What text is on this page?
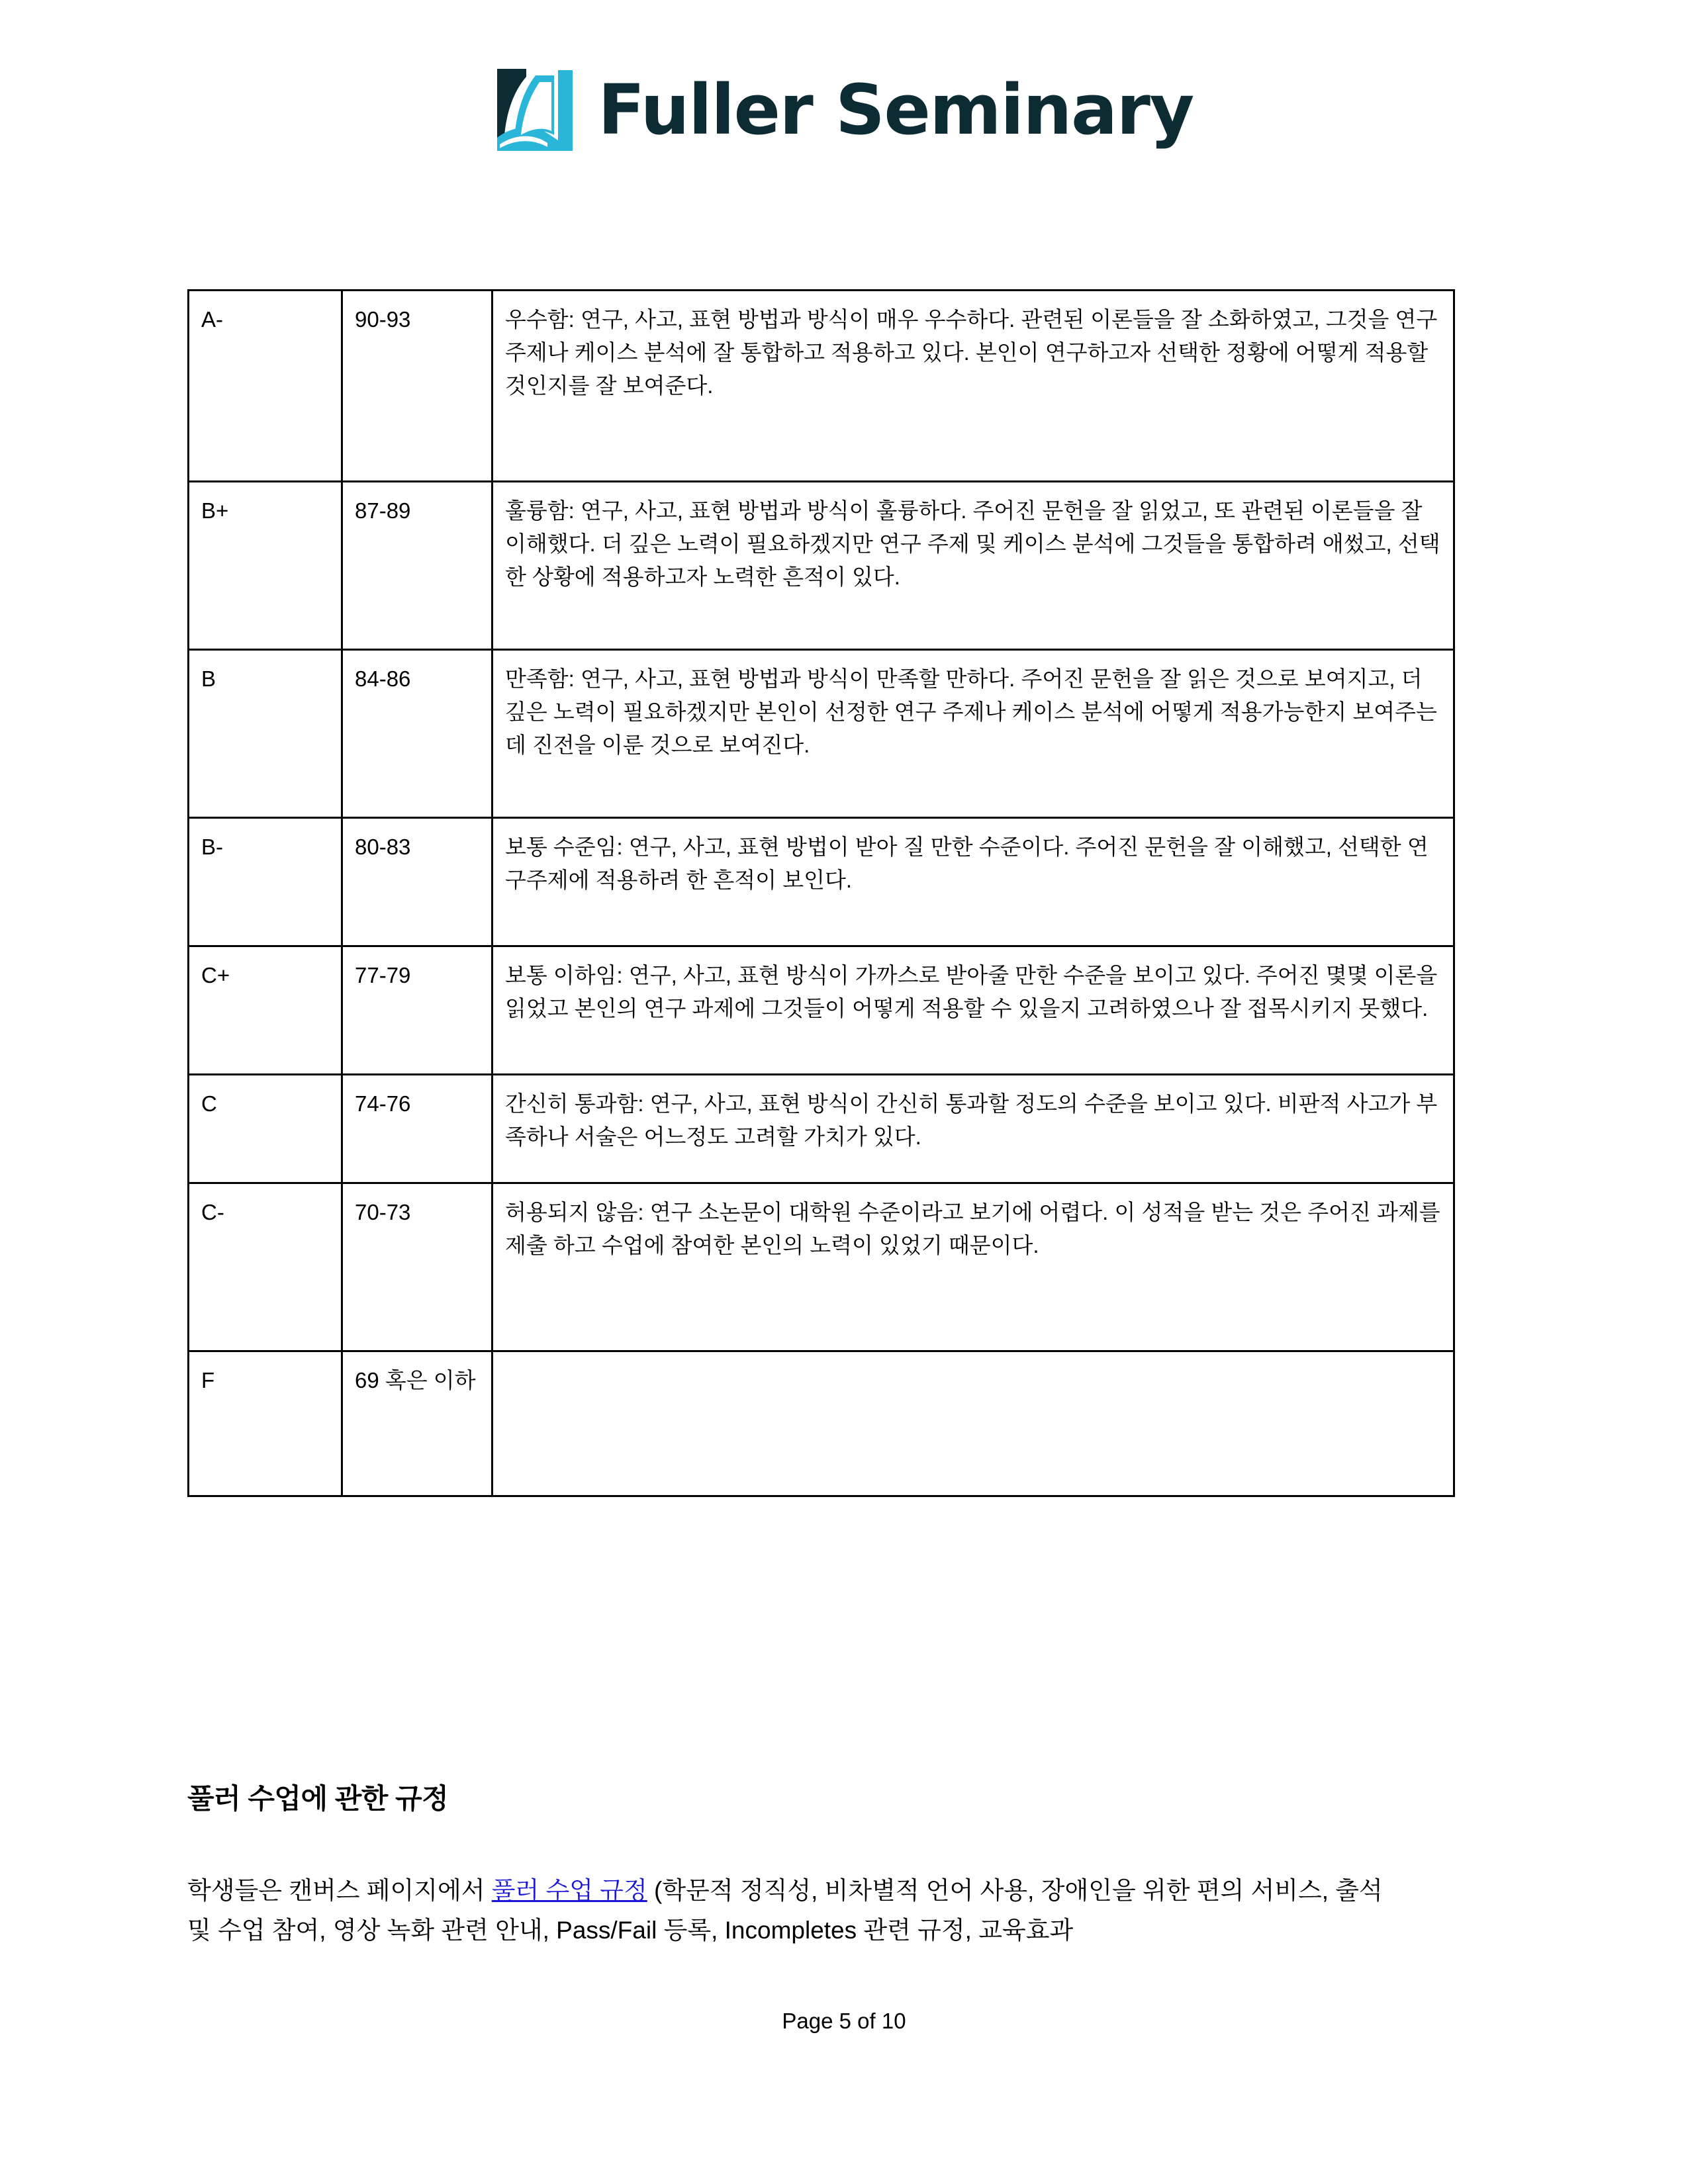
Fuller Seminary
A-	90-93	우수함: 연구, 사고, 표현 방법과 방식이 매우 우수하다. 관련된 이론들을 잘 소화하였고, 그것을 연구 주제나 케이스 분석에 잘 통합하고 적용하고 있다. 본인이 연구하고자 선택한 정황에 어떻게 적용할 것인지를 잘 보여준다.
B+	87-89	훌륭함: 연구, 사고, 표현 방법과 방식이 훌륭하다. 주어진 문헌을 잘 읽었고, 또 관련된 이론들을 잘 이해했다. 더 깊은 노력이 필요하겠지만 연구 주제 및 케이스 분석에 그것들을 통합하려 애썼고, 선택한 상황에 적용하고자 노력한 흔적이 있다.
B	84-86	만족함: 연구, 사고, 표현 방법과 방식이 만족할 만하다. 주어진 문헌을 잘 읽은 것으로 보여지고, 더 깊은 노력이 필요하겠지만 본인이 선정한 연구 주제나 케이스 분석에 어떻게 적용가능한지 보여주는데 진전을 이룬 것으로 보여진다.
B-	80-83	보통 수준임: 연구, 사고, 표현 방법이 받아 질 만한 수준이다. 주어진 문헌을 잘 이해했고, 선택한 연구주제에 적용하려 한 흔적이 보인다.
C+	77-79	보통 이하임: 연구, 사고, 표현 방식이 가까스로 받아줄 만한 수준을 보이고 있다. 주어진 몇몇 이론을 읽었고 본인의 연구 과제에 그것들이 어떻게 적용할 수 있을지 고려하였으나 잘 접목시키지 못했다.
C	74-76	간신히 통과함: 연구, 사고, 표현 방식이 간신히 통과할 정도의 수준을 보이고 있다. 비판적 사고가 부족하나 서술은 어느정도 고려할 가치가 있다.
C-	70-73	허용되지 않음: 연구 소논문이 대학원 수준이라고 보기에 어렵다. 이 성적을 받는 것은 주어진 과제를 제출 하고 수업에 참여한 본인의 노력이 있었기 때문이다.
F	69 혹은 이하	
풀러 수업에 관한 규정

학생들은 캔버스 페이지에서 풀러 수업 규정 (학문적 정직성, 비차별적 언어 사용, 장애인을 위한 편의 서비스, 출석 및 수업 참여, 영상 녹화 관련 안내, Pass/Fail 등록, Incompletes 관련 규정, 교육효과

Page 5 of 10
